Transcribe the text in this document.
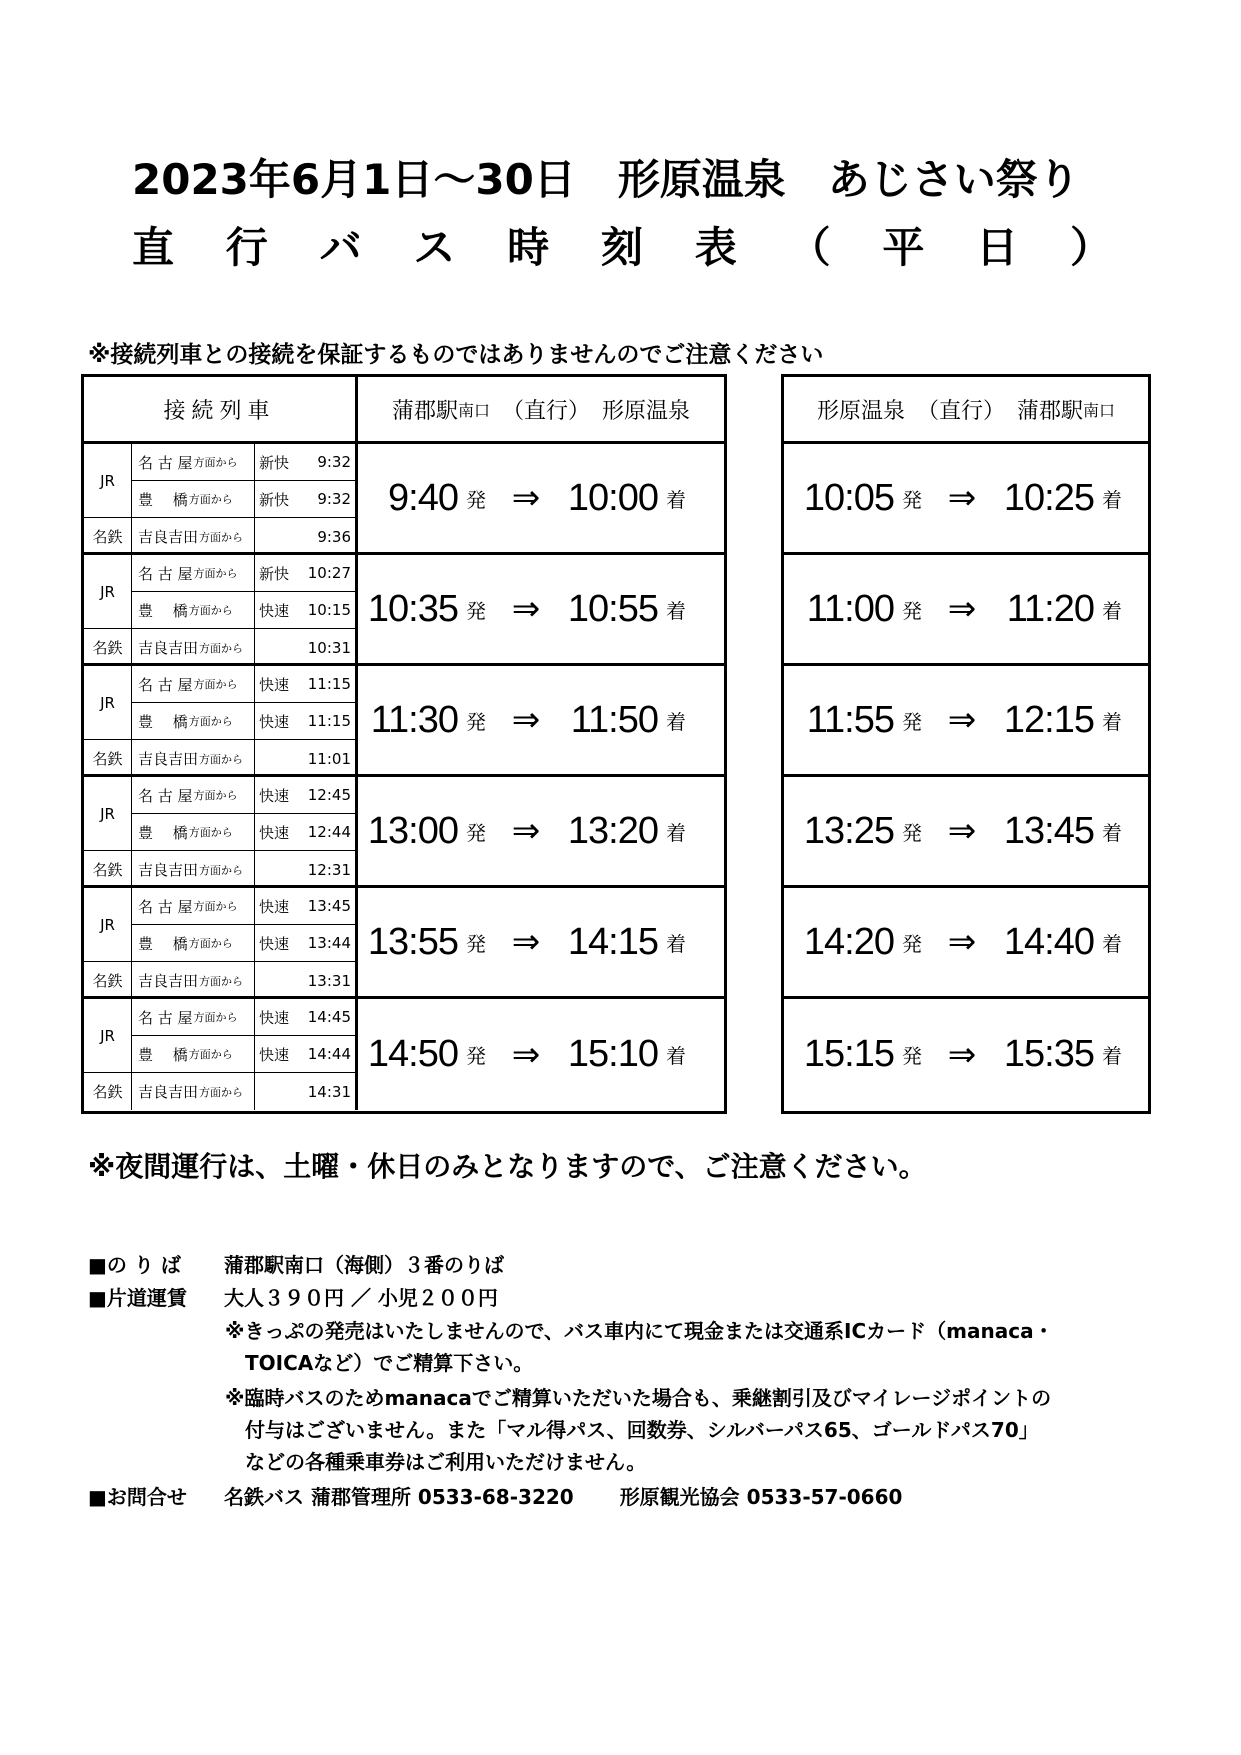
2023年6月1日～30日　形原温泉　あじさい祭り
直 行 バ ス 時 刻 表 （ 平 日 ）
※接続列車との接続を保証するものではありませんのでご注意ください
接続列車	蒲郡駅 南口 （直行） 形原温泉
JR
名鉄
名 古 屋 方面から
豊　 橋 方面から
吉良吉田 方面から
新快 9:32
新快 9:32
9:36
9:40 発 ⇒ 10:00 着
JR
名鉄
名 古 屋 方面から
豊　 橋 方面から
吉良吉田 方面から
新快 10:27
快速 10:15
10:31
10:35 発 ⇒ 10:55 着
JR
名鉄
名 古 屋 方面から
豊　 橋 方面から
吉良吉田 方面から
快速 11:15
快速 11:15
11:01
11:30 発 ⇒ 11:50 着
JR
名鉄
名 古 屋 方面から
豊　 橋 方面から
吉良吉田 方面から
快速 12:45
快速 12:44
12:31
13:00 発 ⇒ 13:20 着
JR
名鉄
名 古 屋 方面から
豊　 橋 方面から
吉良吉田 方面から
快速 13:45
快速 13:44
13:31
13:55 発 ⇒ 14:15 着
JR
名鉄
名 古 屋 方面から
豊　 橋 方面から
吉良吉田 方面から
快速 14:45
快速 14:44
14:31
14:50 発 ⇒ 15:10 着
形原温泉 （直行） 蒲郡駅 南口
10:05 発 ⇒ 10:25 着
11:00 発 ⇒ 11:20 着
11:55 発 ⇒ 12:15 着
13:25 発 ⇒ 13:45 着
14:20 発 ⇒ 14:40 着
15:15 発 ⇒ 15:35 着
※夜間運行は、土曜・休日のみとなりますので、ご注意ください。
■の り ば 蒲郡駅南口（海側）３番のりば
■片道運賃 大人３９０円 ／ 小児２００円
※きっぷの発売はいたしませんので、バス車内にて現金または交通系ICカード（manaca・
TOICAなど）でご精算下さい。
※臨時バスのためmanacaでご精算いただいた場合も、乗継割引及びマイレージポイントの
付与はございません。また「マル得パス、回数券、シルバーパス65、ゴールドパス70」
などの各種乗車券はご利用いただけません。
■お問合せ 名鉄バス 蒲郡管理所 0533-68-3220 形原観光協会 0533-57-0660
